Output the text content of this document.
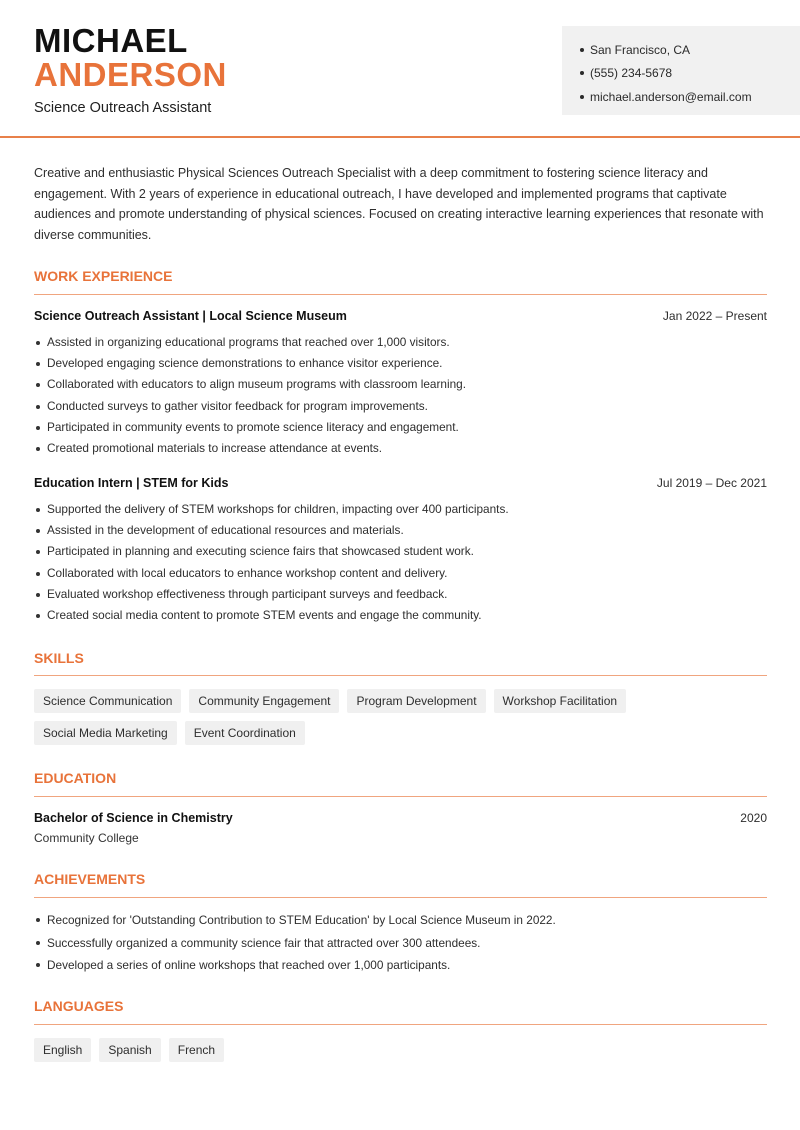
MICHAEL
ANDERSON
Science Outreach Assistant
San Francisco, CA
(555) 234-5678
michael.anderson@email.com

Creative and enthusiastic Physical Sciences Outreach Specialist with a deep commitment to fostering science literacy and engagement. With 2 years of experience in educational outreach, I have developed and implemented programs that captivate audiences and promote understanding of physical sciences. Focused on creating interactive learning experiences that resonate with diverse communities.

WORK EXPERIENCE
Science Outreach Assistant | Local Science Museum	Jan 2022 – Present
Assisted in organizing educational programs that reached over 1,000 visitors.
Developed engaging science demonstrations to enhance visitor experience.
Collaborated with educators to align museum programs with classroom learning.
Conducted surveys to gather visitor feedback for program improvements.
Participated in community events to promote science literacy and engagement.
Created promotional materials to increase attendance at events.
Education Intern | STEM for Kids	Jul 2019 – Dec 2021
Supported the delivery of STEM workshops for children, impacting over 400 participants.
Assisted in the development of educational resources and materials.
Participated in planning and executing science fairs that showcased student work.
Collaborated with local educators to enhance workshop content and delivery.
Evaluated workshop effectiveness through participant surveys and feedback.
Created social media content to promote STEM events and engage the community.
SKILLS
Science Communication	Community Engagement	Program Development	Workshop Facilitation
Social Media Marketing	Event Coordination
EDUCATION
Bachelor of Science in Chemistry	2020
Community College
ACHIEVEMENTS
Recognized for 'Outstanding Contribution to STEM Education' by Local Science Museum in 2022.
Successfully organized a community science fair that attracted over 300 attendees.
Developed a series of online workshops that reached over 1,000 participants.
LANGUAGES
English	Spanish	French
